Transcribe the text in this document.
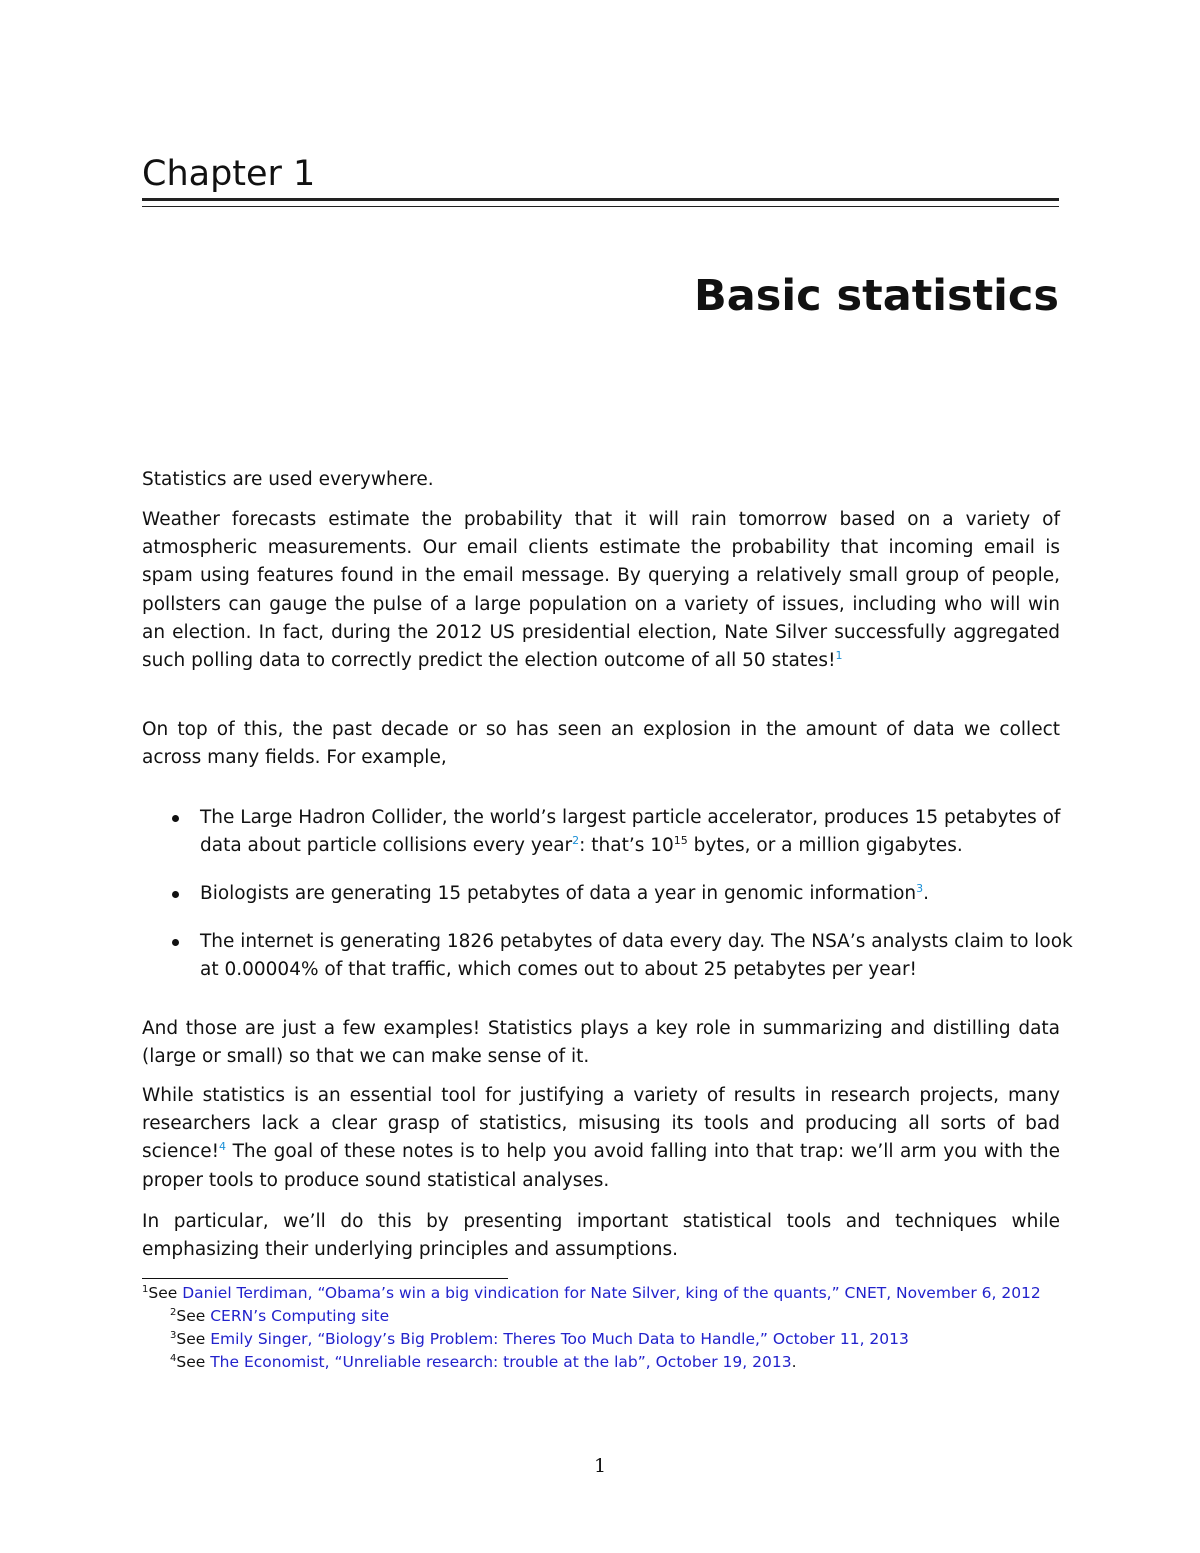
Chapter 1
Basic statistics

Statistics are used everywhere.

Weather forecasts estimate the probability that it will rain tomorrow based on a variety of atmospheric measurements. Our email clients estimate the probability that incoming email is spam using features found in the email message. By querying a relatively small group of people, pollsters can gauge the pulse of a large population on a variety of issues, including who will win an election. In fact, during the 2012 US presidential election, Nate Silver successfully aggregated such polling data to correctly predict the election outcome of all 50 states!$^1$

On top of this, the past decade or so has seen an explosion in the amount of data we collect across many fields. For example,

The Large Hadron Collider, the world’s largest particle accelerator, produces 15 petabytes of data about particle collisions every year$^2$: that’s $10^{15}$ bytes, or a million gigabytes.
Biologists are generating 15 petabytes of data a year in genomic information$^3$.
The internet is generating 1826 petabytes of data every day. The NSA’s analysts claim to look at 0.00004% of that traffic, which comes out to about 25 petabytes per year!

And those are just a few examples! Statistics plays a key role in summarizing and distilling data (large or small) so that we can make sense of it.

While statistics is an essential tool for justifying a variety of results in research projects, many researchers lack a clear grasp of statistics, misusing its tools and producing all sorts of bad science!$^4$ The goal of these notes is to help you avoid falling into that trap: we’ll arm you with the proper tools to produce sound statistical analyses.

In particular, we’ll do this by presenting important statistical tools and techniques while emphasizing their underlying principles and assumptions.

$^1$See Daniel Terdiman, “Obama’s win a big vindication for Nate Silver, king of the quants,” CNET, November 6, 2012

$^2$See CERN’s Computing site

$^3$See Emily Singer, “Biology’s Big Problem: Theres Too Much Data to Handle,” October 11, 2013

$^4$See The Economist, “Unreliable research: trouble at the lab”, October 19, 2013.

1
